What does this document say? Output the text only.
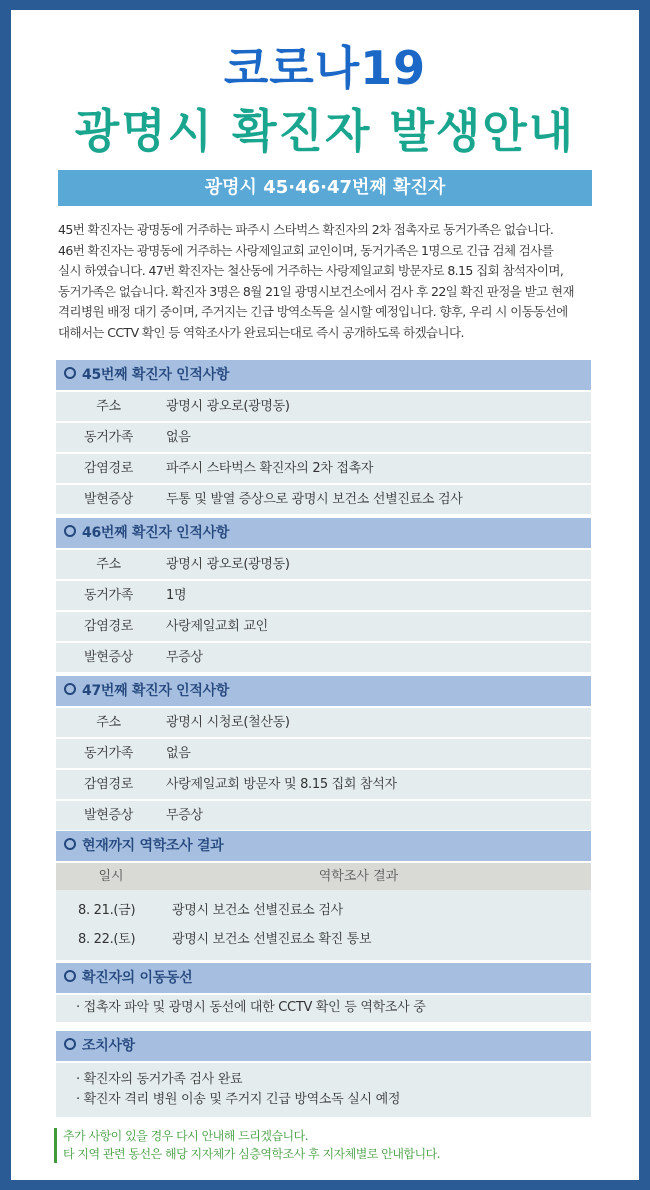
코로나19
광명시 확진자 발생안내
광명시 45·46·47번째 확진자
45번 확진자는 광명동에 거주하는 파주시 스타벅스 확진자의 2차 접촉자로 동거가족은 없습니다.
46번 확진자는 광명동에 거주하는 사랑제일교회 교인이며, 동거가족은 1명으로 긴급 검체 검사를
실시 하였습니다. 47번 확진자는 철산동에 거주하는 사랑제일교회 방문자로 8.15 집회 참석자이며,
동거가족은 없습니다. 확진자 3명은 8월 21일 광명시보건소에서 검사 후 22일 확진 판정을 받고 현재
격리병원 배정 대기 중이며, 주거지는 긴급 방역소독을 실시할 예정입니다. 향후, 우리 시 이동동선에
대해서는 CCTV 확인 등 역학조사가 완료되는대로 즉시 공개하도록 하겠습니다.
45번째 확진자 인적사항
주소	광명시 광오로(광명동)
동거가족	없음
감염경로	파주시 스타벅스 확진자의 2차 접촉자
발현증상	두통 및 발열 증상으로 광명시 보건소 선별진료소 검사
46번째 확진자 인적사항
주소	광명시 광오로(광명동)
동거가족	1명
감염경로	사랑제일교회 교인
발현증상	무증상
47번째 확진자 인적사항
주소	광명시 시청로(철산동)
동거가족	없음
감염경로	사랑제일교회 방문자 및 8.15 집회 참석자
발현증상	무증상
현재까지 역학조사 결과
일시	역학조사 결과
8. 21.(금)	광명시 보건소 선별진료소 검사
8. 22.(토)	광명시 보건소 선별진료소 확진 통보
확진자의 이동동선
· 접촉자 파악 및 광명시 동선에 대한 CCTV 확인 등 역학조사 중
조치사항
· 확진자의 동거가족 검사 완료
· 확진자 격리 병원 이송 및 주거지 긴급 방역소독 실시 예정
추가 사항이 있을 경우 다시 안내해 드리겠습니다.
타 지역 관련 동선은 해당 지자체가 심층역학조사 후 지자체별로 안내합니다.
